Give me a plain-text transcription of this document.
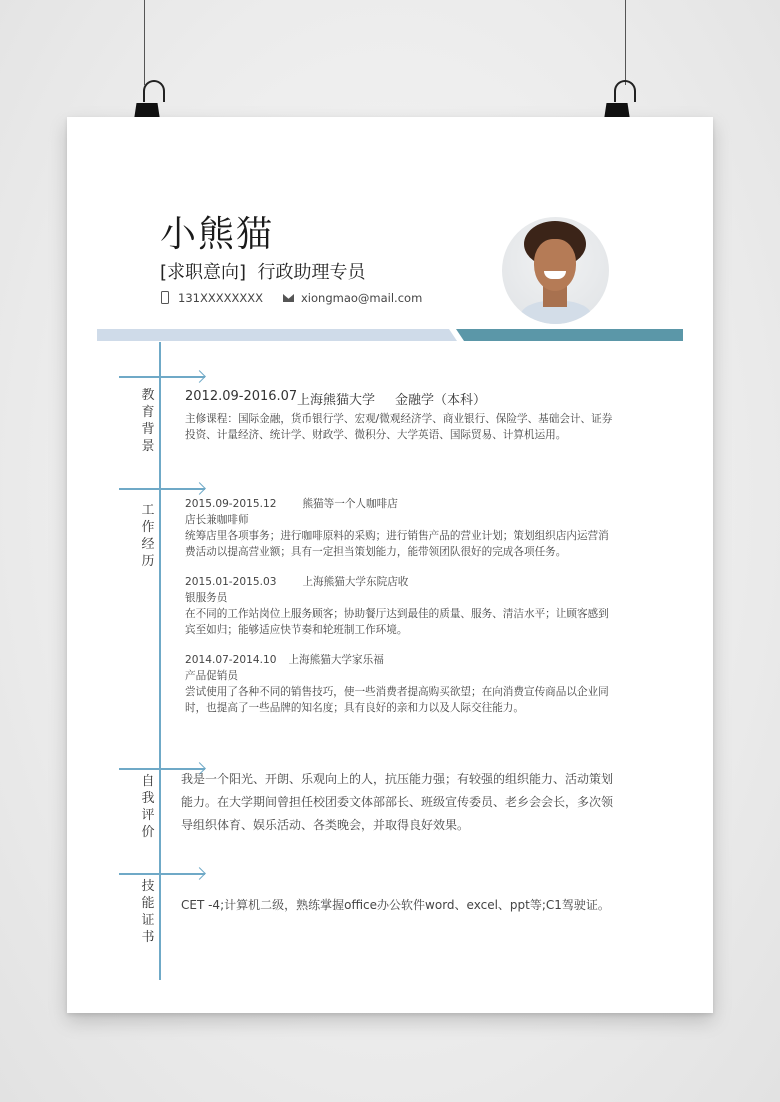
小熊猫
[求职意向] 行政助理专员
131XXXXXXXX	xiongmao@mail.com
教育背景
2012.09-2016.07 上海熊猫大学 金融学（本科）
主修课程：国际金融，货币银行学、宏观/微观经济学、商业银行、保险学、基础会计、证券投资、计量经济、统计学、财政学、微积分、大学英语、国际贸易、计算机运用。
工作经历
2015.09-2015.12 熊猫等一个人咖啡店
店长兼咖啡师
统筹店里各项事务；进行咖啡原料的采购；进行销售产品的营业计划；策划组织店内运营消费活动以提高营业额；具有一定担当策划能力，能带领团队很好的完成各项任务。
2015.01-2015.03 上海熊猫大学东院店收
银服务员
在不同的工作站岗位上服务顾客；协助餐厅达到最佳的质量、服务、清洁水平；让顾客感到宾至如归；能够适应快节奏和轮班制工作环境。
2014.07-2014.10 上海熊猫大学家乐福
产品促销员
尝试使用了各种不同的销售技巧，使一些消费者提高购买欲望；在向消费宣传商品以企业同时，也提高了一些品牌的知名度；具有良好的亲和力以及人际交往能力。
自我评价
我是一个阳光、开朗、乐观向上的人，抗压能力强；有较强的组织能力、活动策划能力。在大学期间曾担任校团委文体部部长、班级宣传委员、老乡会会长，多次领导组织体育、娱乐活动、各类晚会，并取得良好效果。
技能证书
CET -4;计算机二级，熟练掌握office办公软件word、excel、ppt等;C1驾驶证。
